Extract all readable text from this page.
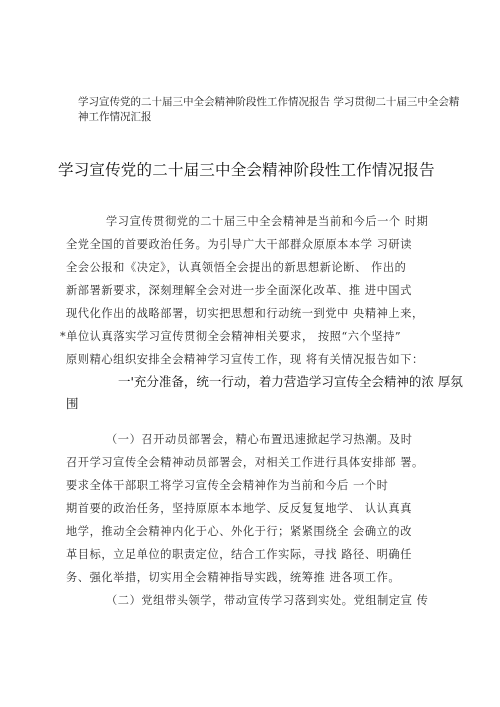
学习宣传党的二十届三中全会精神阶段性工作情况报告 学习贯彻二十届三中全会精
神工作情况汇报
学习宣传党的二十届三中全会精神阶段性工作情况报告
学习宣传贯彻党的二十届三中全会精神是当前和今后一个 时期
全党全国的首要政治任务。为引导广大干部群众原原本本学 习研读
全会公报和《决定》，认真领悟全会提出的新思想新论断、 作出的
新部署新要求，深刻理解全会对进一步全面深化改革、推 进中国式
现代化作出的战略部署，切实把思想和行动统一到党中 央精神上来，
*单位认真落实学习宣传贯彻全会精神相关要求， 按照“六个坚持”
原则精心组织安排全会精神学习宣传工作，现 将有关情况报告如下：
一'充分准备，统一行动，着力营造学习宣传全会精神的浓 厚氛
围
（一）召开动员部署会，精心布置迅速掀起学习热潮。及时
召开学习宣传全会精神动员部署会，对相关工作进行具体安排部 署。
要求全体干部职工将学习宣传全会精神作为当前和今后 一个时
期首要的政治任务，坚持原原本本地学、反反复复地学、 认认真真
地学，推动全会精神内化于心、外化于行；紧紧围绕全 会确立的改
革目标，立足单位的职责定位，结合工作实际，寻找 路径、明确任
务、强化举措，切实用全会精神指导实践，统筹推 进各项工作。
（二）党组带头领学，带动宣传学习落到实处。党组制定宣 传
